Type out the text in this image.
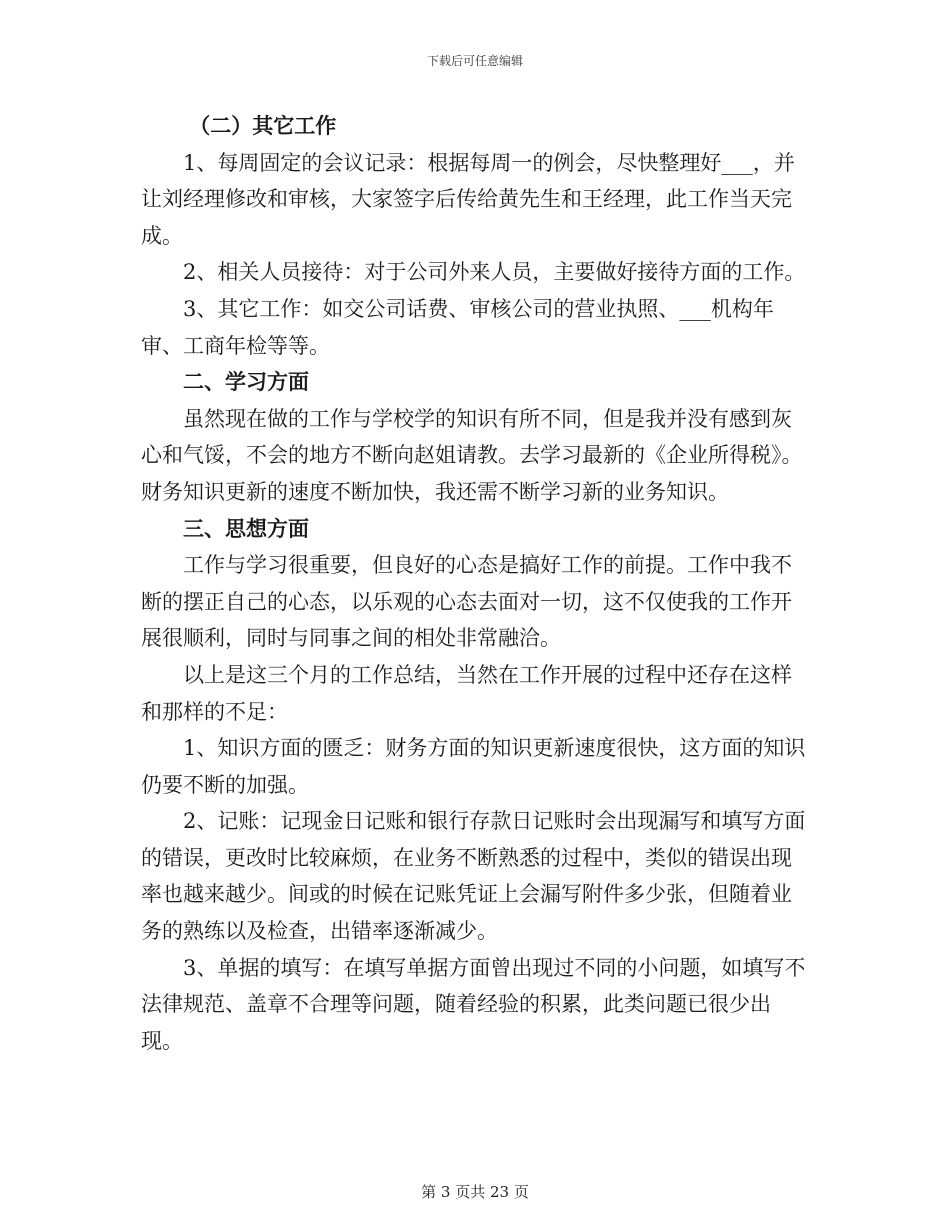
下载后可任意编辑

（二）其它工作

1、每周固定的会议记录：根据每周一的例会，尽快整理好___，并让刘经理修改和审核，大家签字后传给黄先生和王经理，此工作当天完成。

2、相关人员接待：对于公司外来人员，主要做好接待方面的工作。

3、其它工作：如交公司话费、审核公司的营业执照、___机构年审、工商年检等等。

二、学习方面

虽然现在做的工作与学校学的知识有所不同，但是我并没有感到灰心和气馁，不会的地方不断向赵姐请教。去学习最新的《企业所得税》。财务知识更新的速度不断加快，我还需不断学习新的业务知识。

三、思想方面

工作与学习很重要，但良好的心态是搞好工作的前提。工作中我不断的摆正自己的心态，以乐观的心态去面对一切，这不仅使我的工作开展很顺利，同时与同事之间的相处非常融洽。

以上是这三个月的工作总结，当然在工作开展的过程中还存在这样和那样的不足：

1、知识方面的匮乏：财务方面的知识更新速度很快，这方面的知识仍要不断的加强。

2、记账：记现金日记账和银行存款日记账时会出现漏写和填写方面的错误，更改时比较麻烦，在业务不断熟悉的过程中，类似的错误出现率也越来越少。间或的时候在记账凭证上会漏写附件多少张，但随着业务的熟练以及检查，出错率逐渐减少。

3、单据的填写：在填写单据方面曾出现过不同的小问题，如填写不法律规范、盖章不合理等问题，随着经验的积累，此类问题已很少出现。

第 3 页共 23 页
